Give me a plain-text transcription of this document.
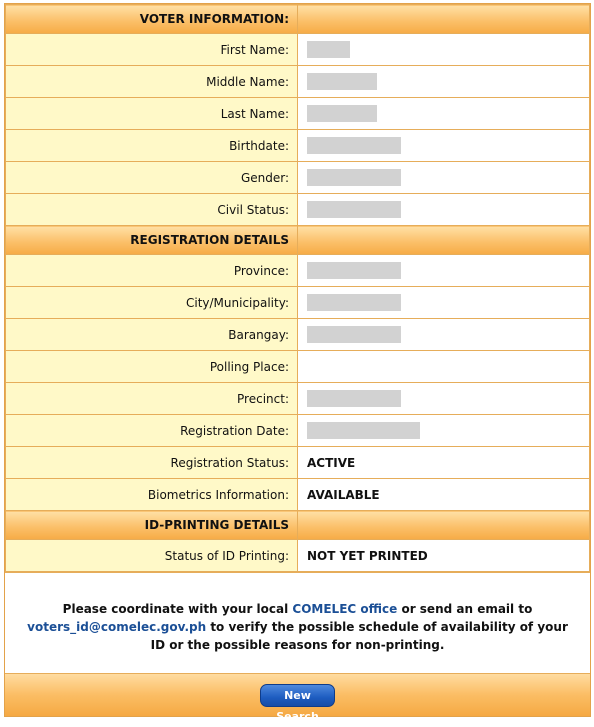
VOTER INFORMATION:	
First Name:	
Middle Name:	
Last Name:	
Birthdate:	
Gender:	
Civil Status:	
REGISTRATION DETAILS	
Province:	
City/Municipality:	
Barangay:	
Polling Place:	
Precinct:	
Registration Date:	
Registration Status:	ACTIVE
Biometrics Information:	AVAILABLE
ID-PRINTING DETAILS	
Status of ID Printing:	NOT YET PRINTED
Please coordinate with your local COMELEC office or send an email to
voters_id@comelec.gov.ph to verify the possible schedule of availability of your ID or the possible reasons for non-printing.
New Search
